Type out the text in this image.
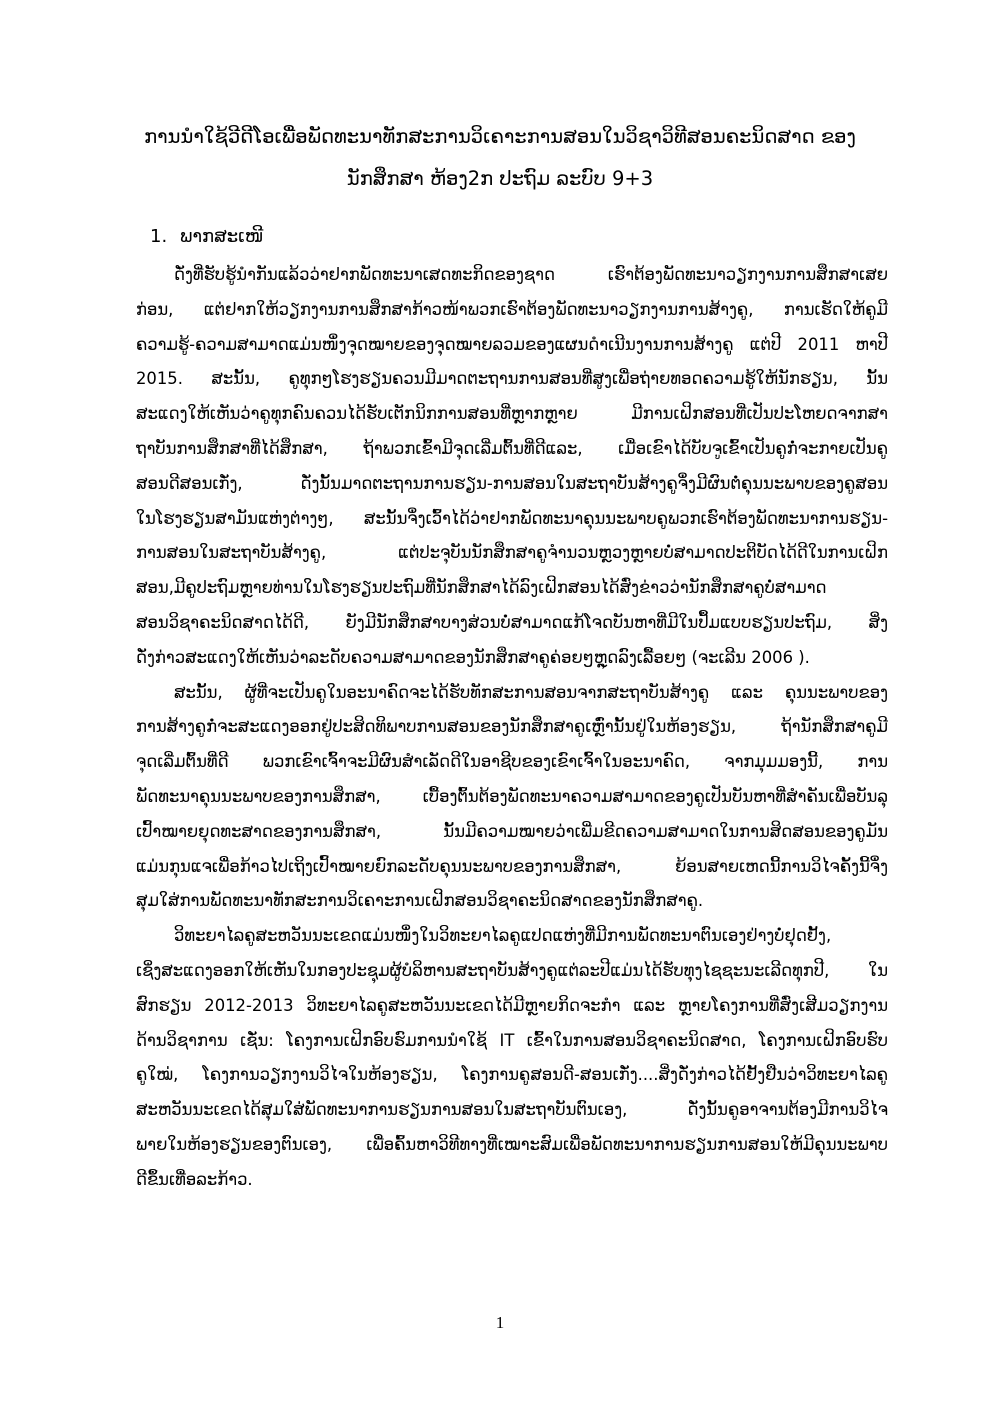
ການນຳໃຊ້ວີດີໂອເພື່ອພັດທະນາທັກສະການວິເຄາະການສອນໃນວິຊາວິທີສອນຄະນິດສາດ ຂອງ
ນັກສຶກສາ ຫ້ອງ2ກ ປະຖົມ ລະບົບ 9+3
1. ພາກສະເໜີ
ດັ່ງທີ່ຮັບຮູ້ນຳກັນແລ້ວວ່າຢາກພັດທະນາເສດທະກິດຂອງຊາດ ເຮົາຕ້ອງພັດທະນາວຽກງານການສຶກສາເສຍ
ກ່ອນ, ແຕ່ຢາກໃຫ້ວຽກງານການສຶກສາກ້າວໜ້າພວກເຮົາຕ້ອງພັດທະນາວຽກງານການສ້າງຄູ, ການເຮັດໃຫ້ຄູມີ
ຄວາມຮູ້-ຄວາມສາມາດແມ່ນໜຶ່ງຈຸດໝາຍຂອງຈຸດໝາຍລວມຂອງແຜນດຳເນີນງານການສ້າງຄູ ແຕ່ປີ 2011 ຫາປີ
2015. ສະນັ້ນ, ຄູທຸກໆໂຮງຮຽນຄວນມີມາດຕະຖານການສອນທີ່ສູງເພື່ອຖ່າຍທອດຄວາມຮູ້ໃຫ້ນັກຮຽນ, ນັ້ນ
ສະແດງໃຫ້ເຫັນວ່າຄູທຸກຄົນຄວນໄດ້ຮັບເຕັກນິກການສອນທີ່ຫຼາກຫຼາຍ ມີການເຝິກສອນທີ່ເປັນປະໂຫຍດຈາກສາ
ຖາບັນການສຶກສາທີ່ໄດ້ສຶກສາ, ຖ້າພວກເຂົ້າມີຈຸດເລີ່ມຕົ້ນທີ່ດີແລະ, ເມື່ອເຂົາໄດ້ບັບຈູເຂົ້າເປັນຄູກໍ່ຈະກາຍເປັນຄູ
ສອນດີສອນເກັ່ງ, ດັ່ງນັ້ນມາດຕະຖານການຮຽນ-ການສອນໃນສະຖາບັນສ້າງຄູຈຶ່ງມີຜົນຕໍ່ຄຸນນະພາບຂອງຄູສອນ
ໃນໂຮງຮຽນສາມັນແຫ່ງຕ່າງໆ, ສະນັ້ນຈຶ່ງເວົ້າໄດ້ວ່າຢາກພັດທະນາຄຸນນະພາບຄູພວກເຮົາຕ້ອງພັດທະນາການຮຽນ-
ການສອນໃນສະຖາບັນສ້າງຄູ, ແຕ່ປະຈຸບັນນັກສຶກສາຄູຈຳນວນຫຼວງຫຼາຍບໍ່ສາມາດປະຕິບັດໄດ້ດີໃນການເຝິກ
ສອນ,ມີຄູປະຖົມຫຼາຍທ່ານໃນໂຮງຮຽນປະຖົມທີ່ນັກສຶກສາໄດ້ລົງເຝິກສອນໄດ້ສົ່ງຂ່າວວ່ານັກສຶກສາຄູບໍ່ສາມາດ
ສອນວິຊາຄະນິດສາດໄດ້ດີ, ຍັງມີນັກສຶກສາບາງສ່ວນບໍ່ສາມາດແກ້ໂຈດບັນຫາທີ່ມີໃນປຶ້ມແບບຮຽນປະຖົມ, ສິ່ງ
ດັ່ງກ່າວສະແດງໃຫ້ເຫັນວ່າລະດັບຄວາມສາມາດຂອງນັກສຶກສາຄູຄ່ອຍໆຫຼຸດລົງເລື້ອຍໆ (ຈະເລີນ 2006 ).
ສະນັ້ນ, ຜູ້ທີ່ຈະເປັນຄູໃນອະນາຄົດຈະໄດ້ຮັບທັກສະການສອນຈາກສະຖາບັນສ້າງຄູ ແລະ ຄຸນນະພາບຂອງ
ການສ້າງຄູກໍ່ຈະສະແດງອອກຢູ່ປະສິດທິພາບການສອນຂອງນັກສຶກສາຄູເຫຼົ່ານັ້ນຢູ່ໃນຫ້ອງຮຽນ, ຖ້ານັກສຶກສາຄູມີ
ຈຸດເລີ່ມຕົ້ນທີ່ດີ ພວກເຂົາເຈົ້າຈະມີຜົນສຳເລັດດີໃນອາຊີບຂອງເຂົາເຈົ້າໃນອະນາຄົດ, ຈາກມຸມມອງນີ້, ການ
ພັດທະນາຄຸນນະພາບຂອງການສຶກສາ, ເບື້ອງຕົ້ນຕ້ອງພັດທະນາຄວາມສາມາດຂອງຄູເປັນບັນຫາທີ່ສຳຄັນເພື່ອບັນລຸ
ເປົ້າໝາຍຍຸດທະສາດຂອງການສຶກສາ, ນັ້ນມີຄວາມໝາຍວ່າເພີ່ມຂີດຄວາມສາມາດໃນການສິດສອນຂອງຄູມັນ
ແມ່ນກຸນແຈເພື່ອກ້າວໄປເຖິງເປົ້າໝາຍຍົກລະດັບຄຸນນະພາບຂອງການສຶກສາ, ຍ້ອນສາຍເຫດນີ້ການວິໄຈຄັ້ງນີ້ຈຶ່ງ
ສຸມໃສ່ການພັດທະນາທັກສະການວິເຄາະການເຝິກສອນວິຊາຄະນິດສາດຂອງນັກສຶກສາຄູ.
ວິທະຍາໄລຄູສະຫວັນນະເຂດແມ່ນໜຶ່ງໃນວິທະຍາໄລຄູແປດແຫ່ງທີ່ມີການພັດທະນາຕົນເອງຢ່າງບໍ່ຢຸດຢັ້ງ,
ເຊິ່ງສະແດງອອກໃຫ້ເຫັນໃນກອງປະຊຸມຜູ້ບໍລິຫານສະຖາບັນສ້າງຄູແຕ່ລະປີແມ່ນໄດ້ຮັບທຸງໄຊຊະນະເລີດທຸກປີ, ໃນ
ສົກຮຽນ 2012-2013 ວິທະຍາໄລຄູສະຫວັນນະເຂດໄດ້ມີຫຼາຍກິດຈະກຳ ແລະ ຫຼາຍໂຄງການທີ່ສົ່ງເສີມວຽກງານ
ດ້ານວິຊາການ ເຊັ່ນ: ໂຄງການເຝິກອົບຮົມການນຳໃຊ້ IT ເຂົ້າໃນການສອນວິຊາຄະນິດສາດ, ໂຄງການເຝິກອົບຮົບ
ຄູໃໝ່, ໂຄງການວຽກງານວິໄຈໃນຫ້ອງຮຽນ, ໂຄງການຄູສອນດີ-ສອນເກັ່ງ....ສິ່ງດັ່ງກ່າວໄດ້ຢັ້ງຢືນວ່າວິທະຍາໄລຄູ
ສະຫວັນນະເຂດໄດ້ສຸມໃສ່ພັດທະນາການຮຽນການສອນໃນສະຖາບັນຕົນເອງ, ດັ່ງນັ້ນຄູອາຈານຕ້ອງມີການວິໄຈ
ພາຍໃນຫ້ອງຮຽນຂອງຕົນເອງ, ເພື່ອຄົ້ນຫາວິທີທາງທີ່ເໝາະສົມເພື່ອພັດທະນາການຮຽນການສອນໃຫ້ມີຄຸນນະພາບ
ດີຂຶ້ນເທື່ອລະກ້າວ.
1
